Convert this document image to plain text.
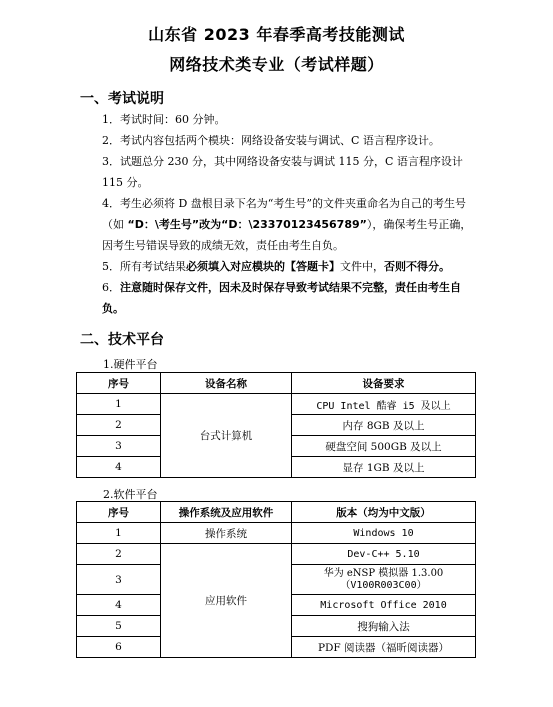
山东省 2023 年春季高考技能测试
网络技术类专业（考试样题）
一、考试说明
1．考试时间：60 分钟。
2．考试内容包括两个模块：网络设备安装与调试、C 语言程序设计。
3．试题总分 230 分，其中网络设备安装与调试 115 分，C 语言程序设计 115 分。
4．考生必须将 D 盘根目录下名为“考生号”的文件夹重命名为自己的考生号（如 “D：\考生号”改为“D：\23370123456789”），确保考生号正确，因考生号错误导致的成绩无效，责任由考生自负。
5．所有考试结果必须填入对应模块的【答题卡】文件中，否则不得分。
6．注意随时保存文件，因未及时保存导致考试结果不完整，责任由考生自负。
二、技术平台
1.硬件平台
序号	设备名称	设备要求
1	台式计算机	CPU Intel 酷睿 i5 及以上
2		内存 8GB 及以上
3		硬盘空间 500GB 及以上
4		显存 1GB 及以上
2.软件平台
序号	操作系统及应用软件	版本（均为中文版）
1	操作系统	Windows 10
2	应用软件	Dev-C++ 5.10
3		华为 eNSP 模拟器 1.3.00
（V100R003C00）

4		Microsoft Office 2010
5		搜狗输入法
6		PDF 阅读器（福昕阅读器）
